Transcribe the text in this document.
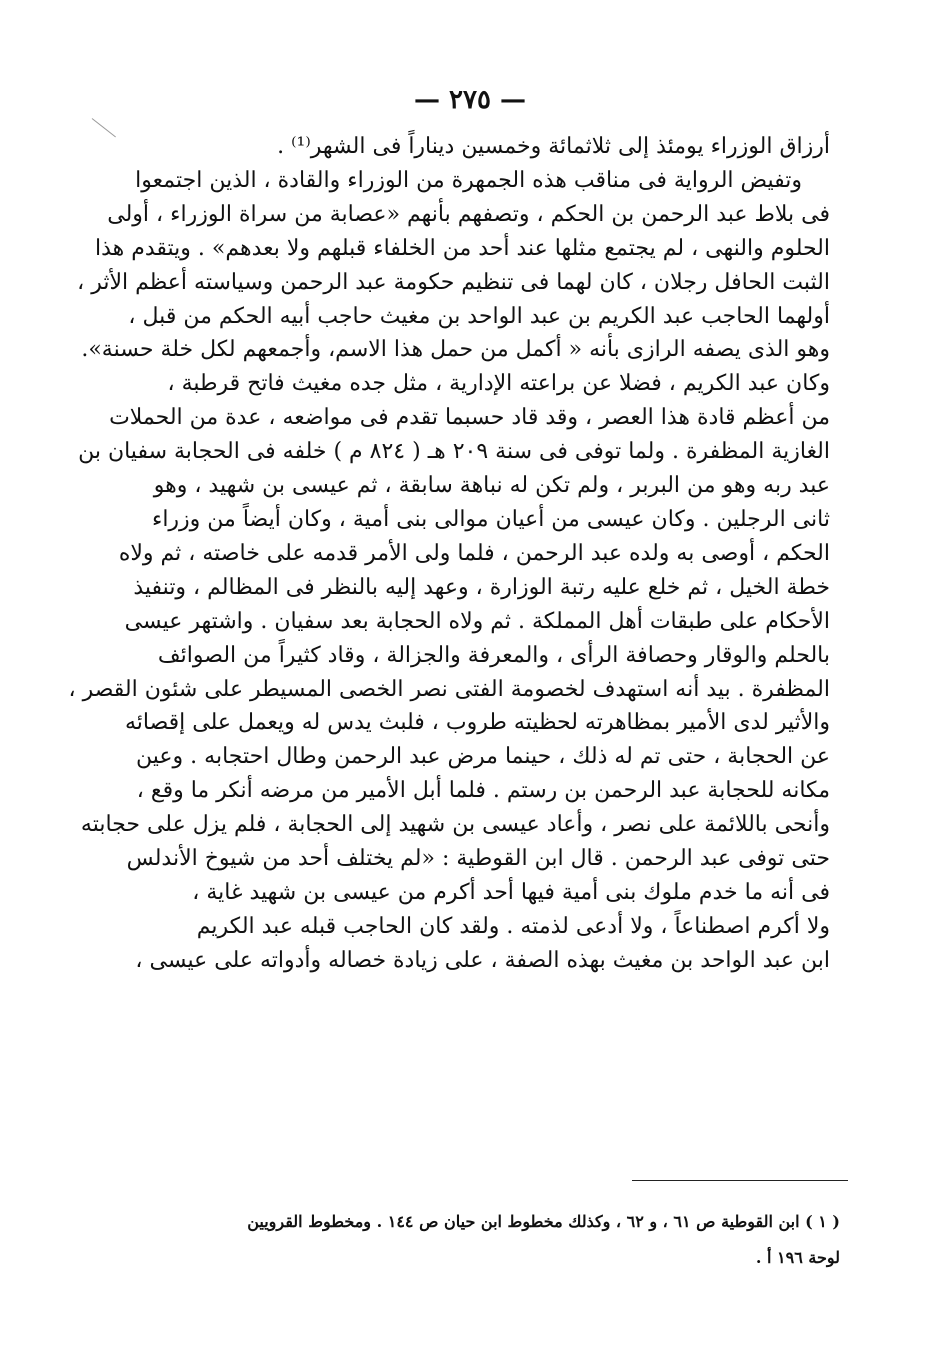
— ٢٧٥ —
أرزاق الوزراء يومئذ إلى ثلاثمائة وخمسين ديناراً فى الشهر⁽¹⁾ .
وتفيض الرواية فى مناقب هذه الجمهرة من الوزراء والقادة ، الذين اجتمعوا
فى بلاط عبد الرحمن بن الحكم ، وتصفهم بأنهم «عصابة من سراة الوزراء ، أولى
الحلوم والنهى ، لم يجتمع مثلها عند أحد من الخلفاء قبلهم ولا بعدهم» . ويتقدم هذا
الثبت الحافل رجلان ، كان لهما فى تنظيم حكومة عبد الرحمن وسياسته أعظم الأثر ،
أولهما الحاجب عبد الكريم بن عبد الواحد بن مغيث حاجب أبيه الحكم من قبل ،
وهو الذى يصفه الرازى بأنه « أكمل من حمل هذا الاسم، وأجمعهم لكل خلة حسنة».
وكان عبد الكريم ، فضلا عن براعته الإدارية ، مثل جده مغيث فاتح قرطبة ،
من أعظم قادة هذا العصر ، وقد قاد حسبما تقدم فى مواضعه ، عدة من الحملات
الغازية المظفرة . ولما توفى فى سنة ٢٠٩ هـ ( ٨٢٤ م ) خلفه فى الحجابة سفيان بن
عبد ربه وهو من البربر ، ولم تكن له نباهة سابقة ، ثم عيسى بن شهيد ، وهو
ثانى الرجلين . وكان عيسى من أعيان موالى بنى أمية ، وكان أيضاً من وزراء
الحكم ، أوصى به ولده عبد الرحمن ، فلما ولى الأمر قدمه على خاصته ، ثم ولاه
خطة الخيل ، ثم خلع عليه رتبة الوزارة ، وعهد إليه بالنظر فى المظالم ، وتنفيذ
الأحكام على طبقات أهل المملكة . ثم ولاه الحجابة بعد سفيان . واشتهر عيسى
بالحلم والوقار وحصافة الرأى ، والمعرفة والجزالة ، وقاد كثيراً من الصوائف
المظفرة . بيد أنه استهدف لخصومة الفتى نصر الخصى المسيطر على شئون القصر ،
والأثير لدى الأمير بمظاهرته لحظيته طروب ، فلبث يدس له ويعمل على إقصائه
عن الحجابة ، حتى تم له ذلك ، حينما مرض عبد الرحمن وطال احتجابه . وعين
مكانه للحجابة عبد الرحمن بن رستم . فلما أبل الأمير من مرضه أنكر ما وقع ،
وأنحى باللائمة على نصر ، وأعاد عيسى بن شهيد إلى الحجابة ، فلم يزل على حجابته
حتى توفى عبد الرحمن . قال ابن القوطية : «لم يختلف أحد من شيوخ الأندلس
فى أنه ما خدم ملوك بنى أمية فيها أحد أكرم من عيسى بن شهيد غاية ،
ولا أكرم اصطناعاً ، ولا أدعى لذمته . ولقد كان الحاجب قبله عبد الكريم
ابن عبد الواحد بن مغيث بهذه الصفة ، على زيادة خصاله وأدواته على عيسى ،
( ١ ) ابن القوطية ص ٦١ ، و ٦٢ ، وكذلك مخطوط ابن حيان ص ١٤٤ . ومخطوط القرويين
لوحة ١٩٦ أ .
